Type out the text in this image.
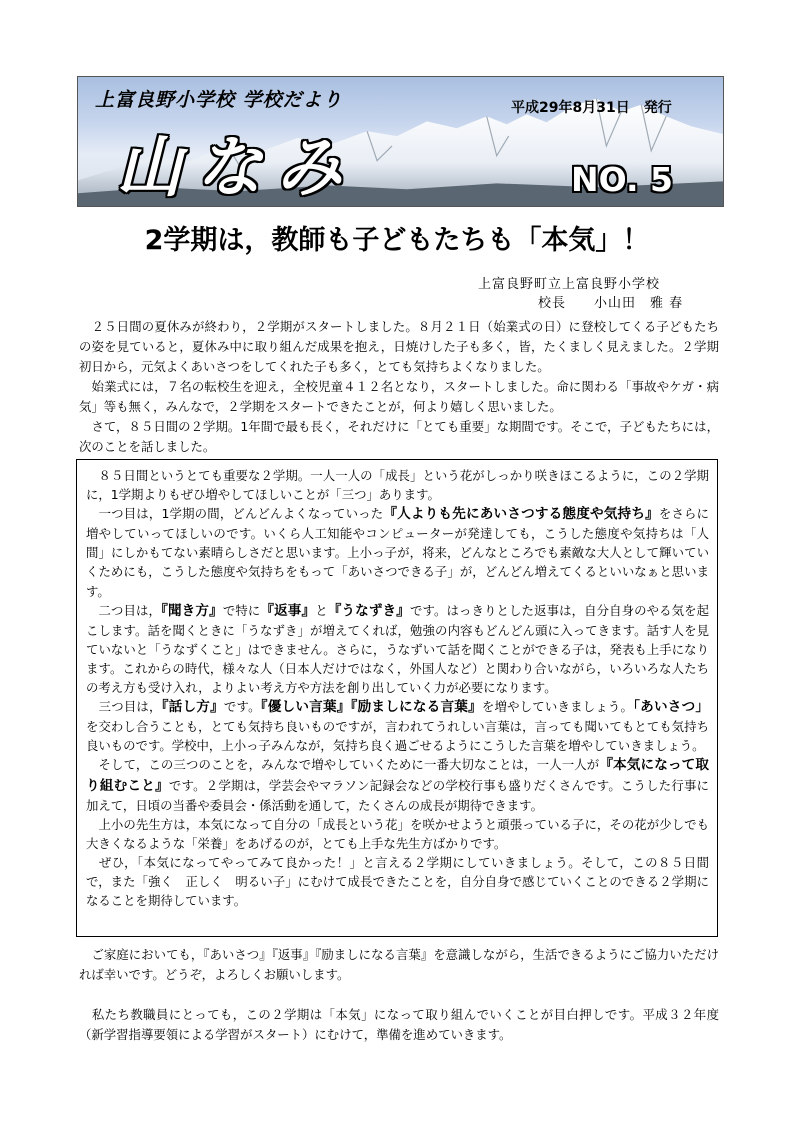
上富良野小学校 学校だより	平成29年8月31日　発行
山なみ	NO. 5
2学期は，教師も子どもたちも「本気」！
上富良野町立上富良野小学校
校長　　小山田　雅 春

　２５日間の夏休みが終わり，２学期がスタートしました。８月２１日（始業式の日）に登校してくる子どもたちの姿を見ていると，夏休み中に取り組んだ成果を抱え，日焼けした子も多く，皆，たくましく見えました。２学期初日から，元気よくあいさつをしてくれた子も多く，とても気持ちよくなりました。

　始業式には，７名の転校生を迎え，全校児童４１２名となり，スタートしました。命に関わる「事故やケガ・病気」等も無く，みんなで，２学期をスタートできたことが，何より嬉しく思いました。

　さて，８５日間の２学期。1年間で最も長く，それだけに「とても重要」な期間です。そこで，子どもたちには，次のことを話しました。

　８５日間というとても重要な２学期。一人一人の「成長」という花がしっかり咲きほこるように，この２学期に，1学期よりもぜひ増やしてほしいことが「三つ」あります。

　一つ目は，1学期の間，どんどんよくなっていった『人よりも先にあいさつする態度や気持ち』をさらに増やしていってほしいのです。いくら人工知能やコンピューターが発達しても，こうした態度や気持ちは「人間」にしかもてない素晴らしさだと思います。上小っ子が，将来，どんなところでも素敵な大人として輝いていくためにも，こうした態度や気持ちをもって「あいさつできる子」が，どんどん増えてくるといいなぁと思います。

　二つ目は，『聞き方』で特に『返事』と『うなずき』です。はっきりとした返事は，自分自身のやる気を起こします。話を聞くときに「うなずき」が増えてくれば，勉強の内容もどんどん頭に入ってきます。話す人を見ていないと「うなずくこと」はできません。さらに，うなずいて話を聞くことができる子は，発表も上手になります。これからの時代，様々な人（日本人だけではなく，外国人など）と関わり合いながら，いろいろな人たちの考え方も受け入れ，よりよい考え方や方法を創り出していく力が必要になります。

　三つ目は，『話し方』です。『優しい言葉』『励ましになる言葉』を増やしていきましょう。「あいさつ」を交わし合うことも，とても気持ち良いものですが，言われてうれしい言葉は，言っても聞いてもとても気持ち良いものです。学校中，上小っ子みんなが，気持ち良く過ごせるようにこうした言葉を増やしていきましょう。

　そして，この三つのことを，みんなで増やしていくために一番大切なことは，一人一人が『本気になって取り組むこと』です。２学期は，学芸会やマラソン記録会などの学校行事も盛りだくさんです。こうした行事に加えて，日頃の当番や委員会・係活動を通して，たくさんの成長が期待できます。

　上小の先生方は，本気になって自分の「成長という花」を咲かせようと頑張っている子に，その花が少しでも大きくなるような「栄養」をあげるのが，とても上手な先生方ばかりです。

　ぜひ，「本気になってやってみて良かった！」と言える２学期にしていきましょう。そして，この８５日間で，また「強く　正しく　明るい子」にむけて成長できたことを，自分自身で感じていくことのできる２学期になることを期待しています。

　ご家庭においても，『あいさつ』『返事』『励ましになる言葉』を意識しながら，生活できるようにご協力いただければ幸いです。どうぞ，よろしくお願いします。

　私たち教職員にとっても，この２学期は「本気」になって取り組んでいくことが目白押しです。平成３２年度（新学習指導要領による学習がスタート）にむけて，準備を進めていきます。
